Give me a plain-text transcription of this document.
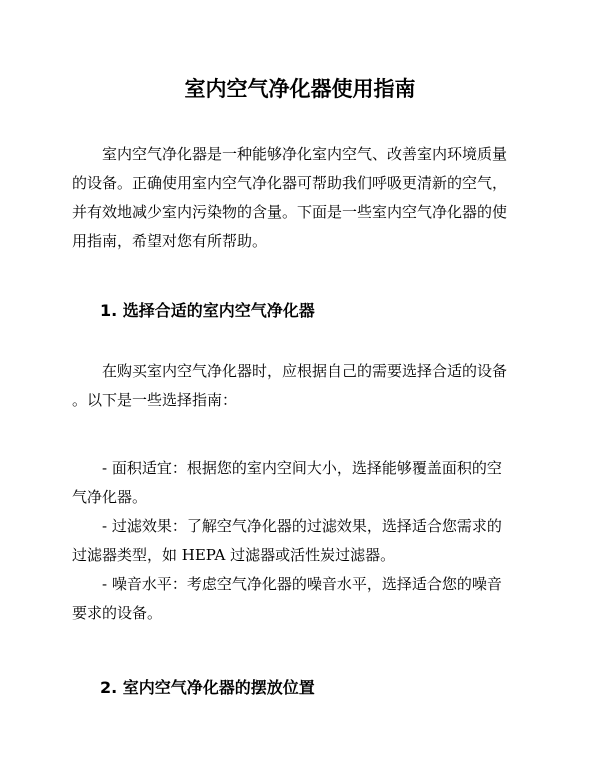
室内空气净化器使用指南

室内空气净化器是一种能够净化室内空气、改善室内环境质量
的设备。正确使用室内空气净化器可帮助我们呼吸更清新的空气，
并有效地减少室内污染物的含量。下面是一些室内空气净化器的使
用指南，希望对您有所帮助。

1. 选择合适的室内空气净化器

在购买室内空气净化器时，应根据自己的需要选择合适的设备
。以下是一些选择指南：

- 面积适宜：根据您的室内空间大小，选择能够覆盖面积的空
气净化器。

- 过滤效果：了解空气净化器的过滤效果，选择适合您需求的
过滤器类型，如 HEPA 过滤器或活性炭过滤器。

- 噪音水平：考虑空气净化器的噪音水平，选择适合您的噪音
要求的设备。

2. 室内空气净化器的摆放位置
